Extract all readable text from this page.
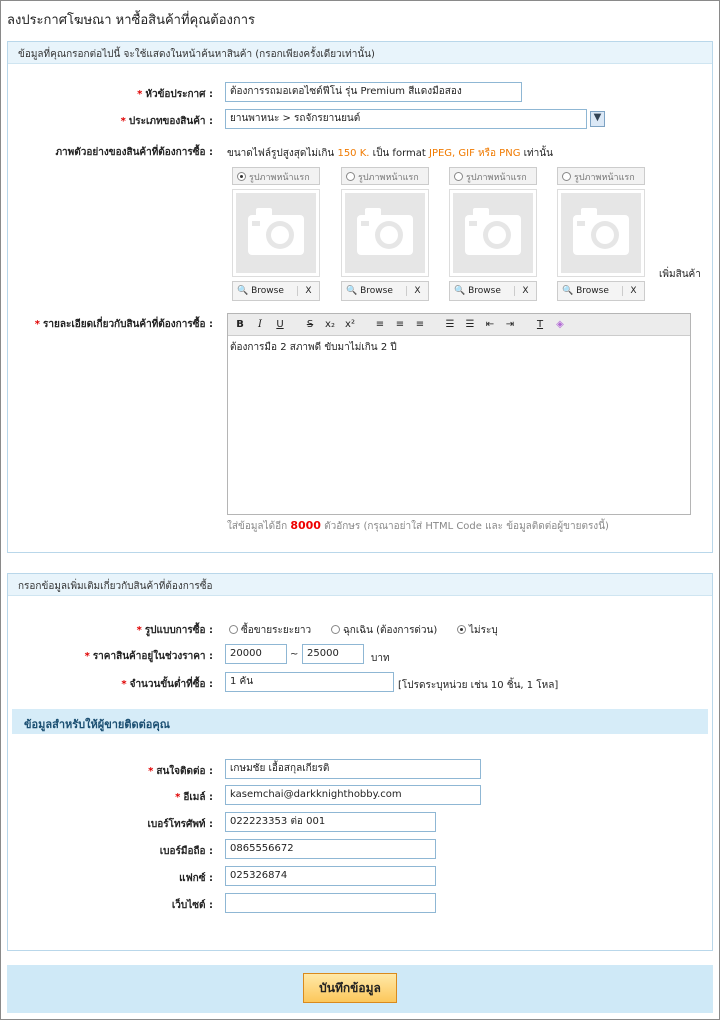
ลงประกาศโฆษณา หาซื้อสินค้าที่คุณต้องการ
ข้อมูลที่คุณกรอกต่อไปนี้ จะใช้แสดงในหน้าค้นหาสินค้า (กรอกเพียงครั้งเดียวเท่านั้น)
* หัวข้อประกาศ :	ต้องการรถมอเตอไซต์ฟีโน่ รุ่น Premium สีแดงมือสอง
* ประเภทของสินค้า :	ยานพาหนะ > รถจักรยานยนต์	▼
ภาพตัวอย่างของสินค้าที่ต้องการซื้อ : ขนาดไฟล์รูปสูงสุดไม่เกิน 150 K. เป็น format JPEG, GIF หรือ PNG เท่านั้น
รูปภาพหน้าแรก
🔍 Browse	X
รูปภาพหน้าแรก
🔍 Browse	X
รูปภาพหน้าแรก
🔍 Browse	X
รูปภาพหน้าแรก
🔍 Browse	X
เพิ่มสินค้า
* รายละเอียดเกี่ยวกับสินค้าที่ต้องการซื้อ :	B	I	U	S	x₂	x²	≡	≡	≡	☰	☰	⇤	⇥	T	◈
ต้องการมือ 2 สภาพดี ขับมาไม่เกิน 2 ปี
ใส่ข้อมูลได้อีก 8000 ตัวอักษร (กรุณาอย่าใส่ HTML Code และ ข้อมูลติดต่อผู้ขายตรงนี้)
กรอกข้อมูลเพิ่มเติมเกี่ยวกับสินค้าที่ต้องการซื้อ
ข้อมูลสำหรับให้ผู้ขายติดต่อคุณ
* รูปแบบการซื้อ :	ซื้อขายระยะยาว	ฉุกเฉิน (ต้องการด่วน)	ไม่ระบุ
* ราคาสินค้าอยู่ในช่วงราคา :	20000	~ 25000	บาท
* จำนวนขั้นต่ำที่ซื้อ :	1 คัน	[โปรดระบุหน่วย เช่น 10 ชิ้น, 1 โหล]
* สนใจติดต่อ :	เกษมชัย เอื้อสกุลเกียรติ
* อีเมล์ :	kasemchai@darkknighthobby.com
เบอร์โทรศัพท์ :	022223353 ต่อ 001
เบอร์มือถือ :	0865556672
แฟกซ์ :	025326874
เว็บไซต์ :
บันทึกข้อมูล
